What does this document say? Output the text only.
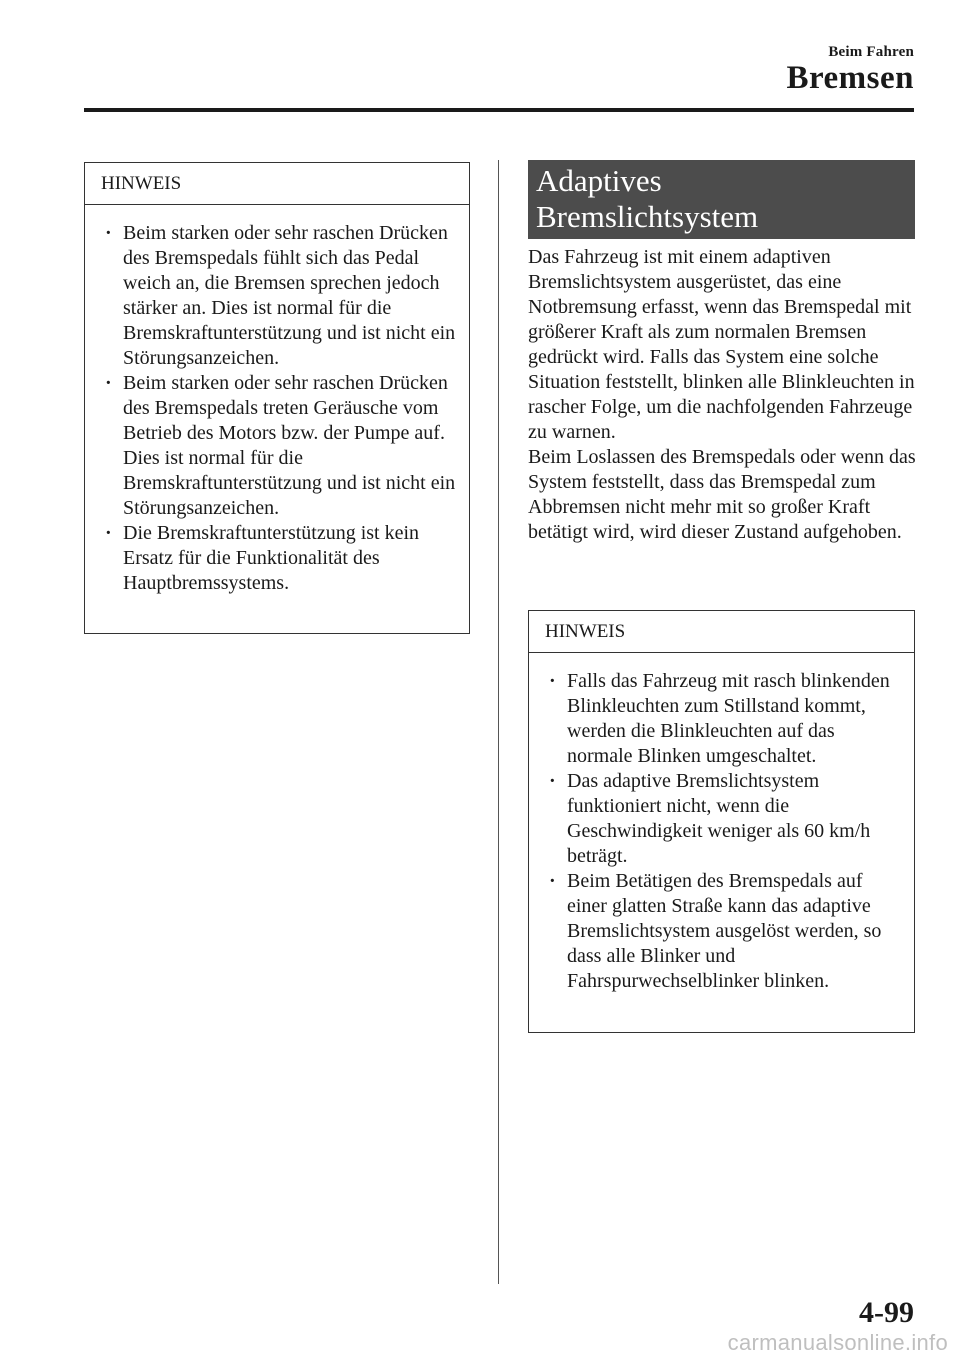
Beim Fahren
Bremsen
HINWEIS
· Beim starken oder sehr raschen Drücken des Bremspedals fühlt sich das Pedal weich an, die Bremsen sprechen jedoch stärker an. Dies ist normal für die Bremskraftunterstützung und ist nicht ein Störungsanzeichen.
· Beim starken oder sehr raschen Drücken des Bremspedals treten Geräusche vom Betrieb des Motors bzw. der Pumpe auf. Dies ist normal für die Bremskraftunterstützung und ist nicht ein Störungsanzeichen.
· Die Bremskraftunterstützung ist kein Ersatz für die Funktionalität des Hauptbremssystems.
Adaptives
Bremslichtsystem

Das Fahrzeug ist mit einem adaptiven Bremslichtsystem ausgerüstet, das eine Notbremsung erfasst, wenn das Bremspedal mit größerer Kraft als zum normalen Bremsen gedrückt wird. Falls das System eine solche Situation feststellt, blinken alle Blinkleuchten in rascher Folge, um die nachfolgenden Fahrzeuge zu warnen.

Beim Loslassen des Bremspedals oder wenn das System feststellt, dass das Bremspedal zum Abbremsen nicht mehr mit so großer Kraft betätigt wird, wird dieser Zustand aufgehoben.

HINWEIS
· Falls das Fahrzeug mit rasch blinkenden Blinkleuchten zum Stillstand kommt, werden die Blinkleuchten auf das normale Blinken umgeschaltet.
· Das adaptive Bremslichtsystem funktioniert nicht, wenn die Geschwindigkeit weniger als 60 km/h beträgt.
· Beim Betätigen des Bremspedals auf einer glatten Straße kann das adaptive Bremslichtsystem ausgelöst werden, so dass alle Blinker und Fahrspurwechselblinker blinken.
4-99
carmanualsonline.info
